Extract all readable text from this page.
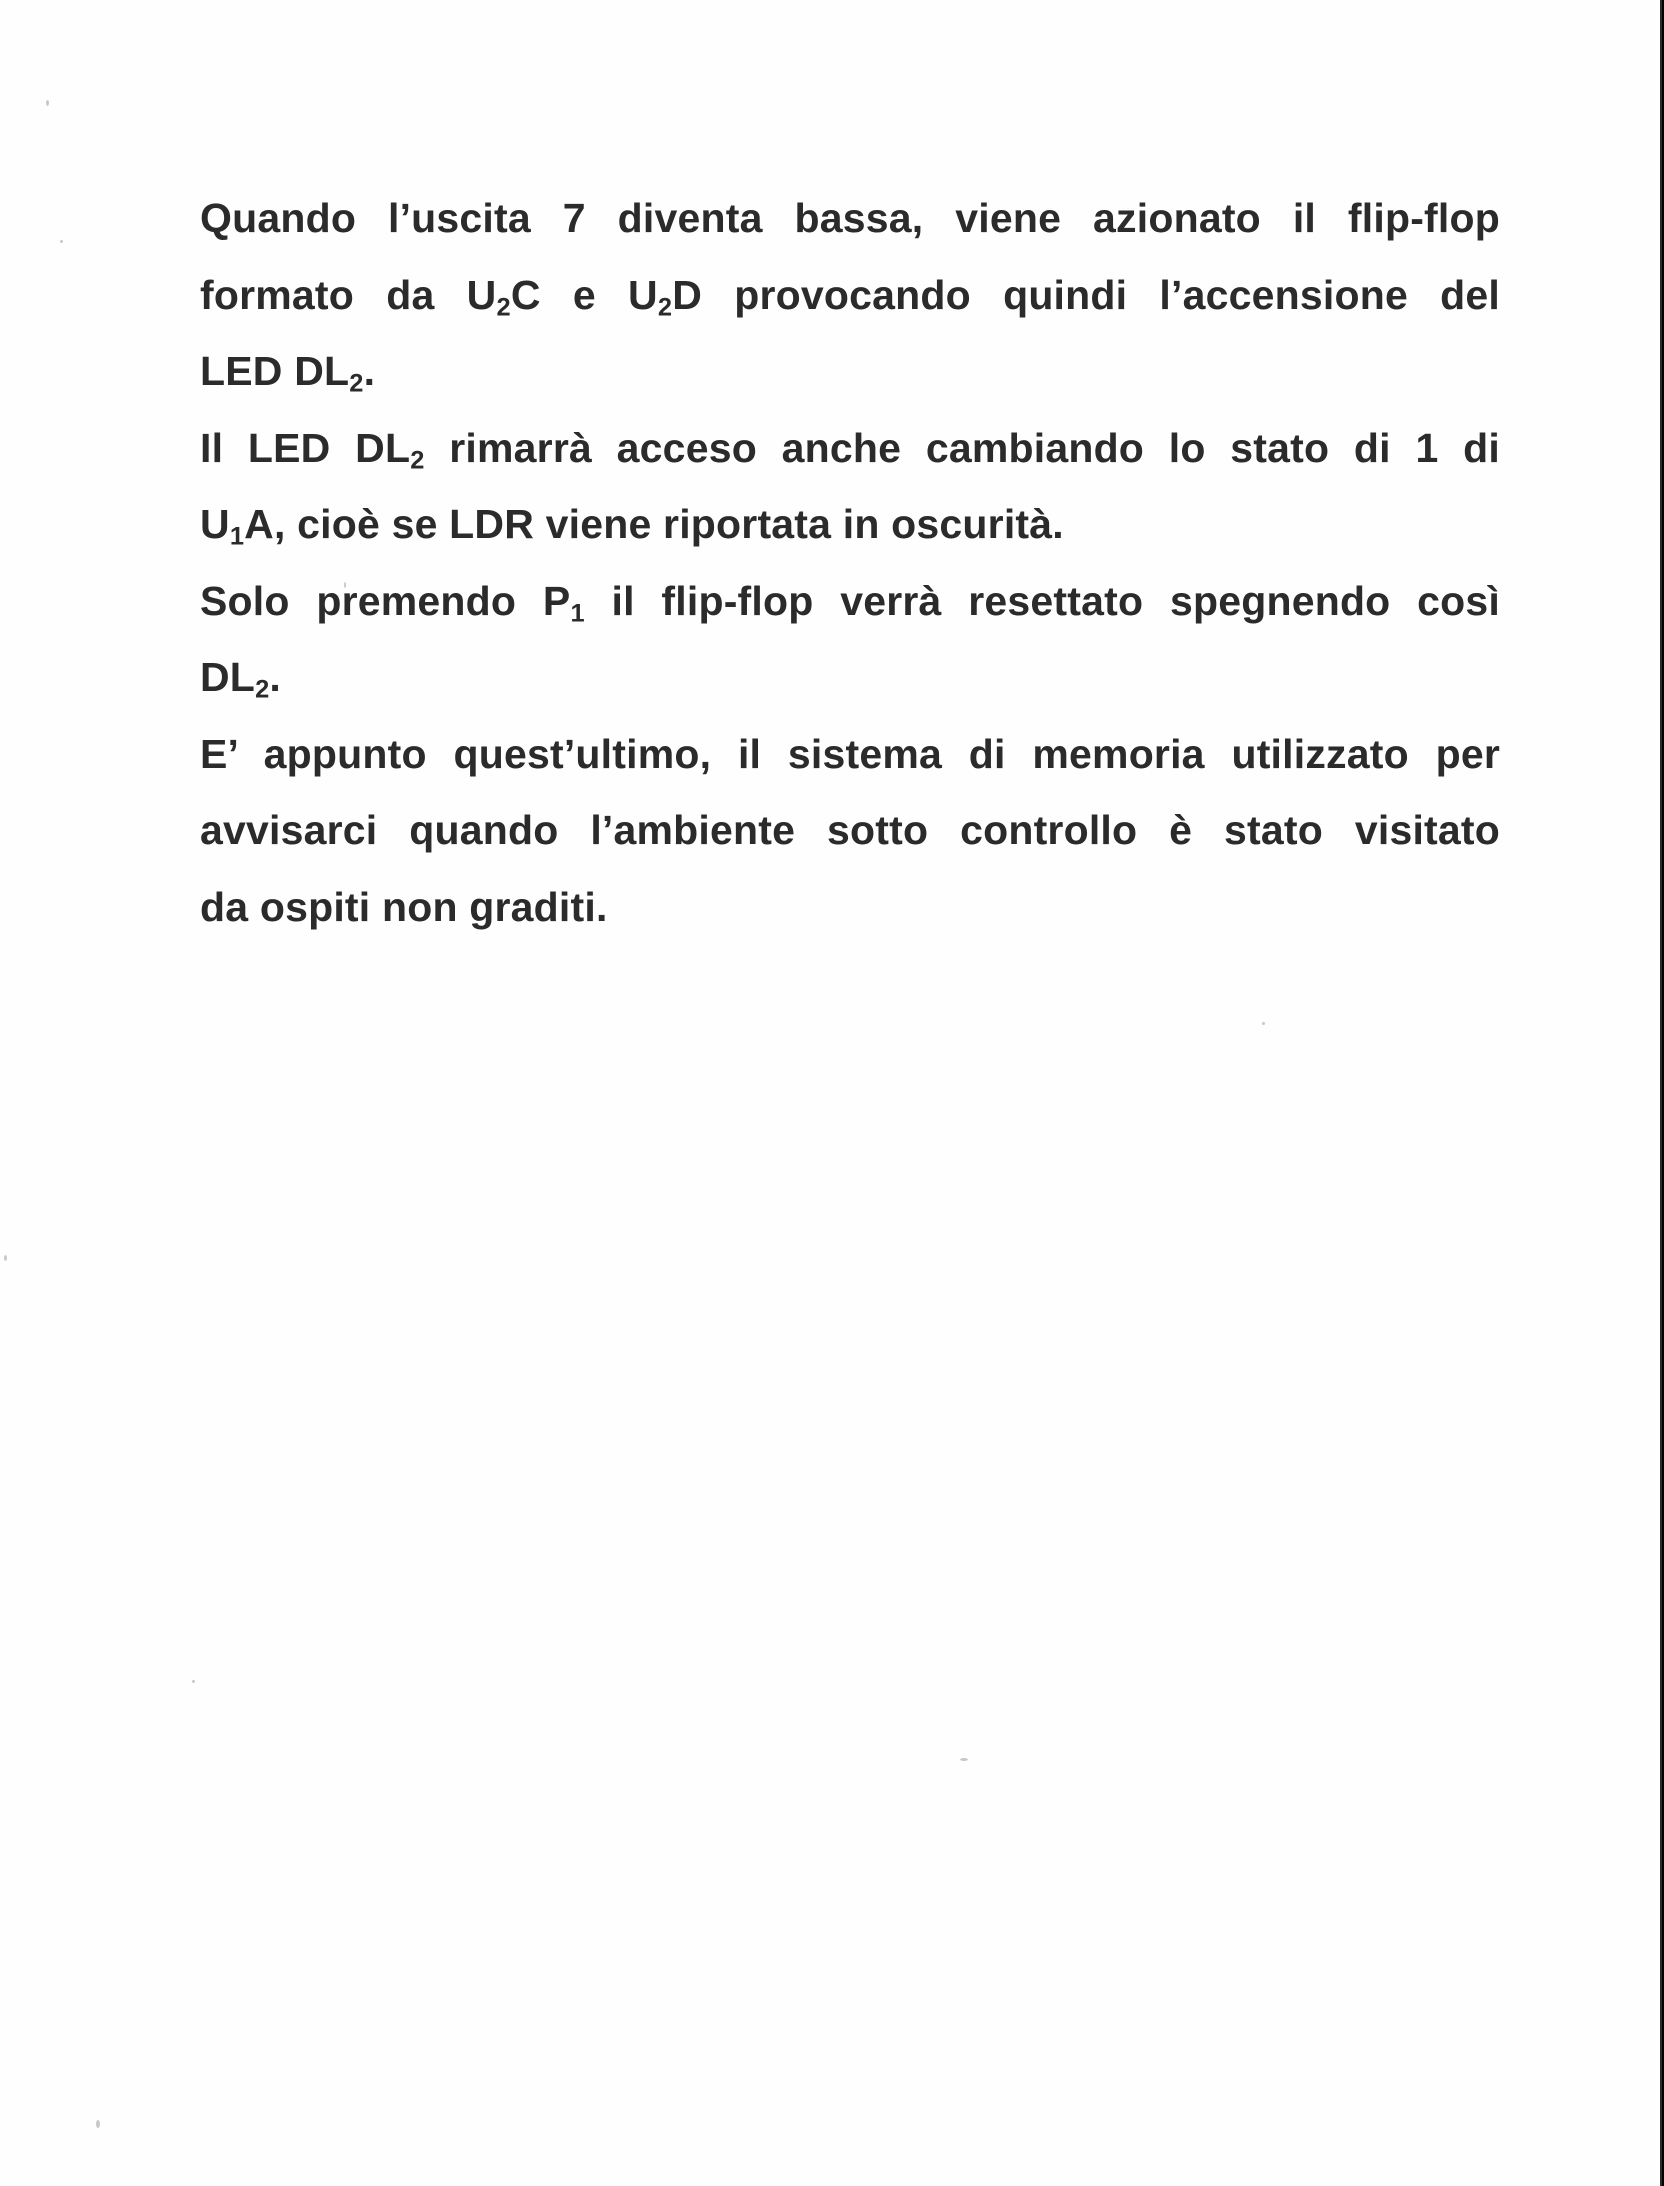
Quando l’uscita 7 diventa bassa, viene azionato il flip-flop
formato da $U_2C$ e $U_2D$ provocando quindi l’accensione del
LED $DL_2$.
Il LED $DL_2$ rimarrà acceso anche cambiando lo stato di 1 di
$U_1A$, cioè se LDR viene riportata in oscurità.
Solo premendo $P_1$ il flip-flop verrà resettato spegnendo così
$DL_2$.
E’ appunto quest’ultimo, il sistema di memoria utilizzato per
avvisarci quando l’ambiente sotto controllo è stato visitato
da ospiti non graditi.
